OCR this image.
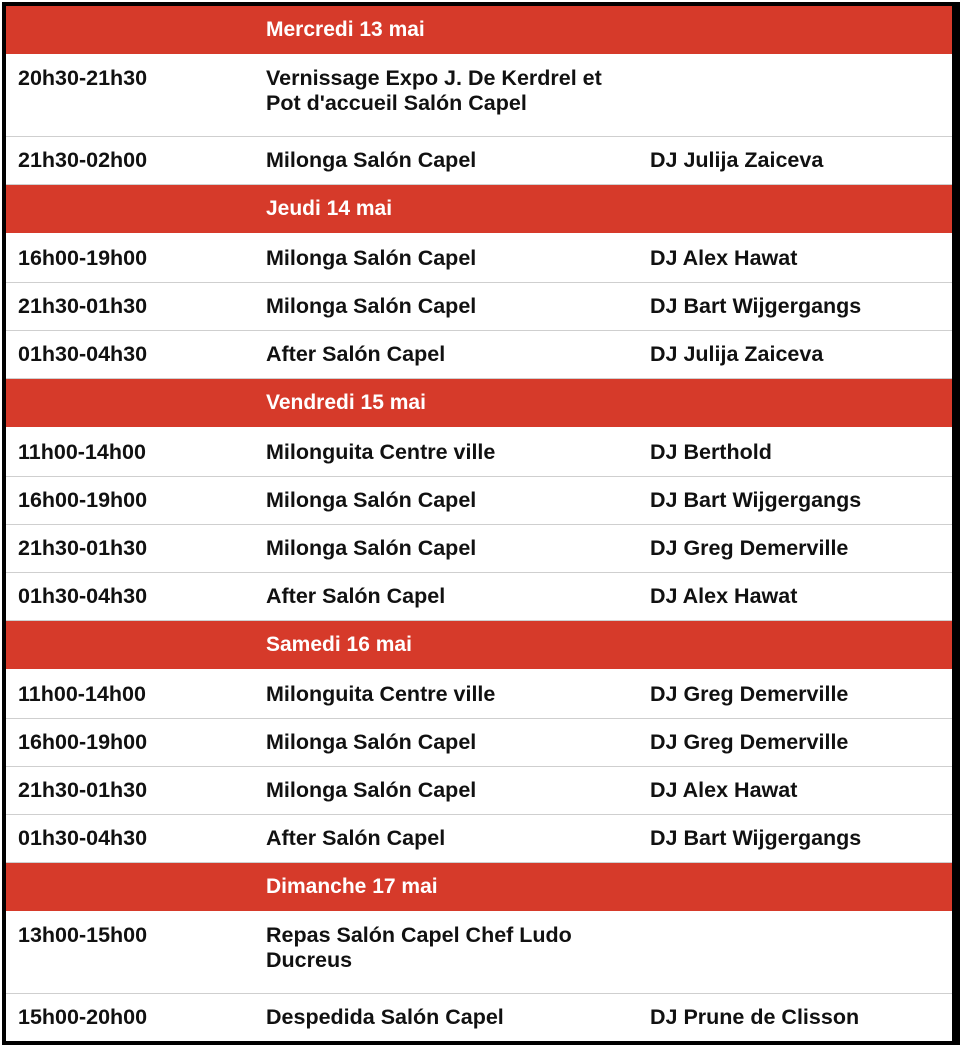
	Mercredi 13 mai	
20h30-21h30	Vernissage Expo J. De Kerdrel et Pot d'accueil Salón Capel	
21h30-02h00	Milonga Salón Capel	DJ Julija Zaiceva
	Jeudi 14 mai	
16h00-19h00	Milonga Salón Capel	DJ Alex Hawat
21h30-01h30	Milonga Salón Capel	DJ Bart Wijgergangs
01h30-04h30	After Salón Capel	DJ Julija Zaiceva
	Vendredi 15 mai	
11h00-14h00	Milonguita Centre ville	DJ Berthold
16h00-19h00	Milonga Salón Capel	DJ Bart Wijgergangs
21h30-01h30	Milonga Salón Capel	DJ Greg Demerville
01h30-04h30	After Salón Capel	DJ Alex Hawat
	Samedi 16 mai	
11h00-14h00	Milonguita Centre ville	DJ Greg Demerville
16h00-19h00	Milonga Salón Capel	DJ Greg Demerville
21h30-01h30	Milonga Salón Capel	DJ Alex Hawat
01h30-04h30	After Salón Capel	DJ Bart Wijgergangs
	Dimanche 17 mai	
13h00-15h00	Repas Salón Capel Chef Ludo Ducreus	
15h00-20h00	Despedida Salón Capel	DJ Prune de Clisson
